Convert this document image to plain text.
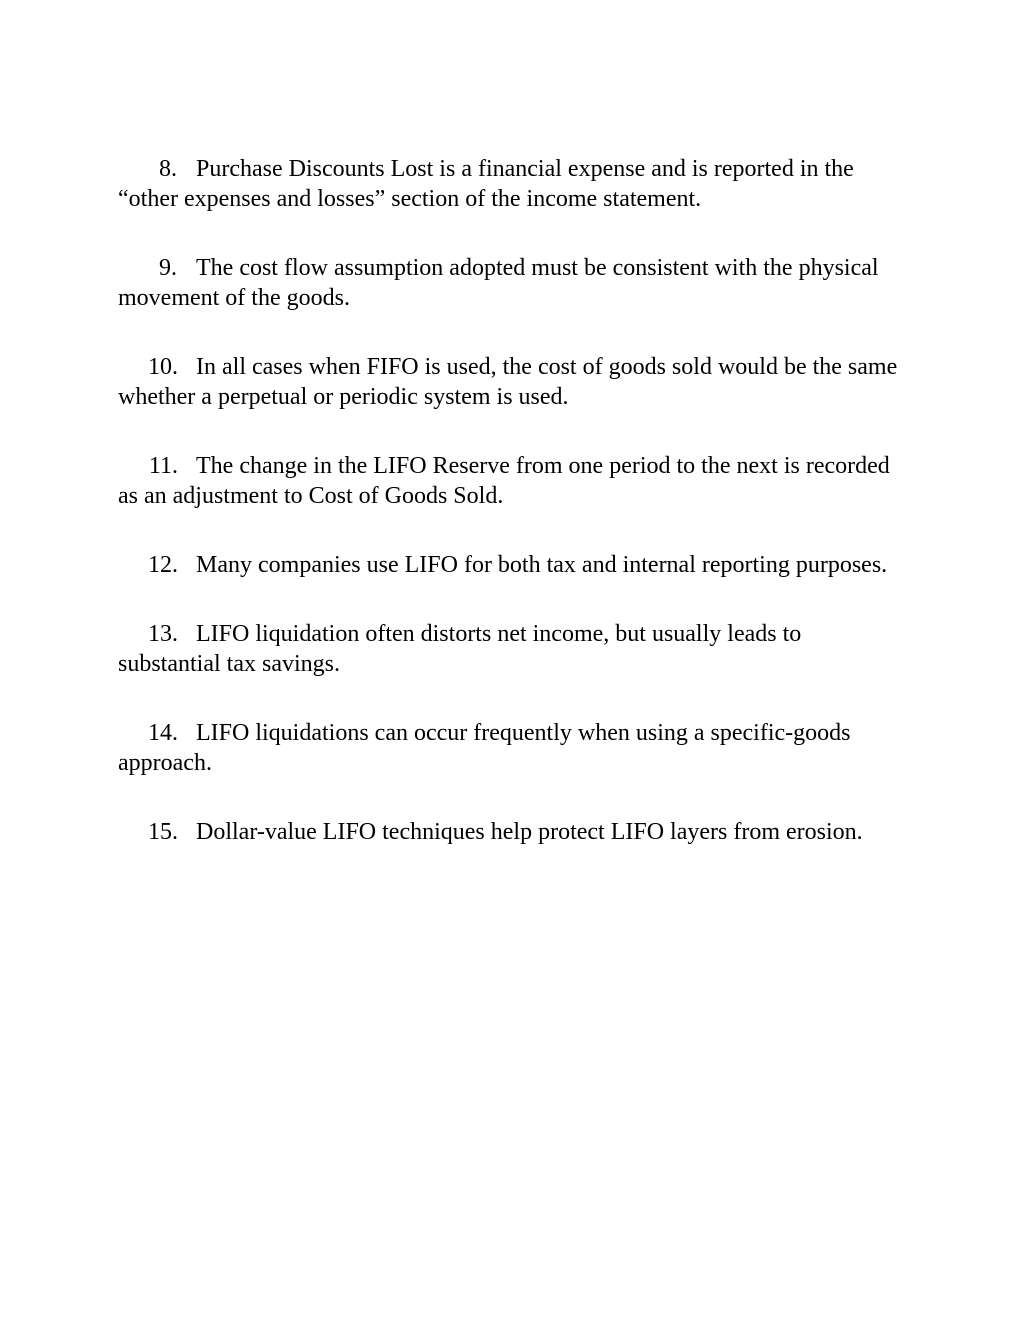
8. Purchase Discounts Lost is a financial expense and is reported in the “other expenses and losses” section of the income statement.

9. The cost flow assumption adopted must be consistent with the physical movement of the goods.

10. In all cases when FIFO is used, the cost of goods sold would be the same whether a perpetual or periodic system is used.

11. The change in the LIFO Reserve from one period to the next is recorded as an adjustment to Cost of Goods Sold.

12. Many companies use LIFO for both tax and internal reporting purposes.

13. LIFO liquidation often distorts net income, but usually leads to substantial tax savings.

14. LIFO liquidations can occur frequently when using a specific-goods approach.

15. Dollar-value LIFO techniques help protect LIFO layers from erosion.
